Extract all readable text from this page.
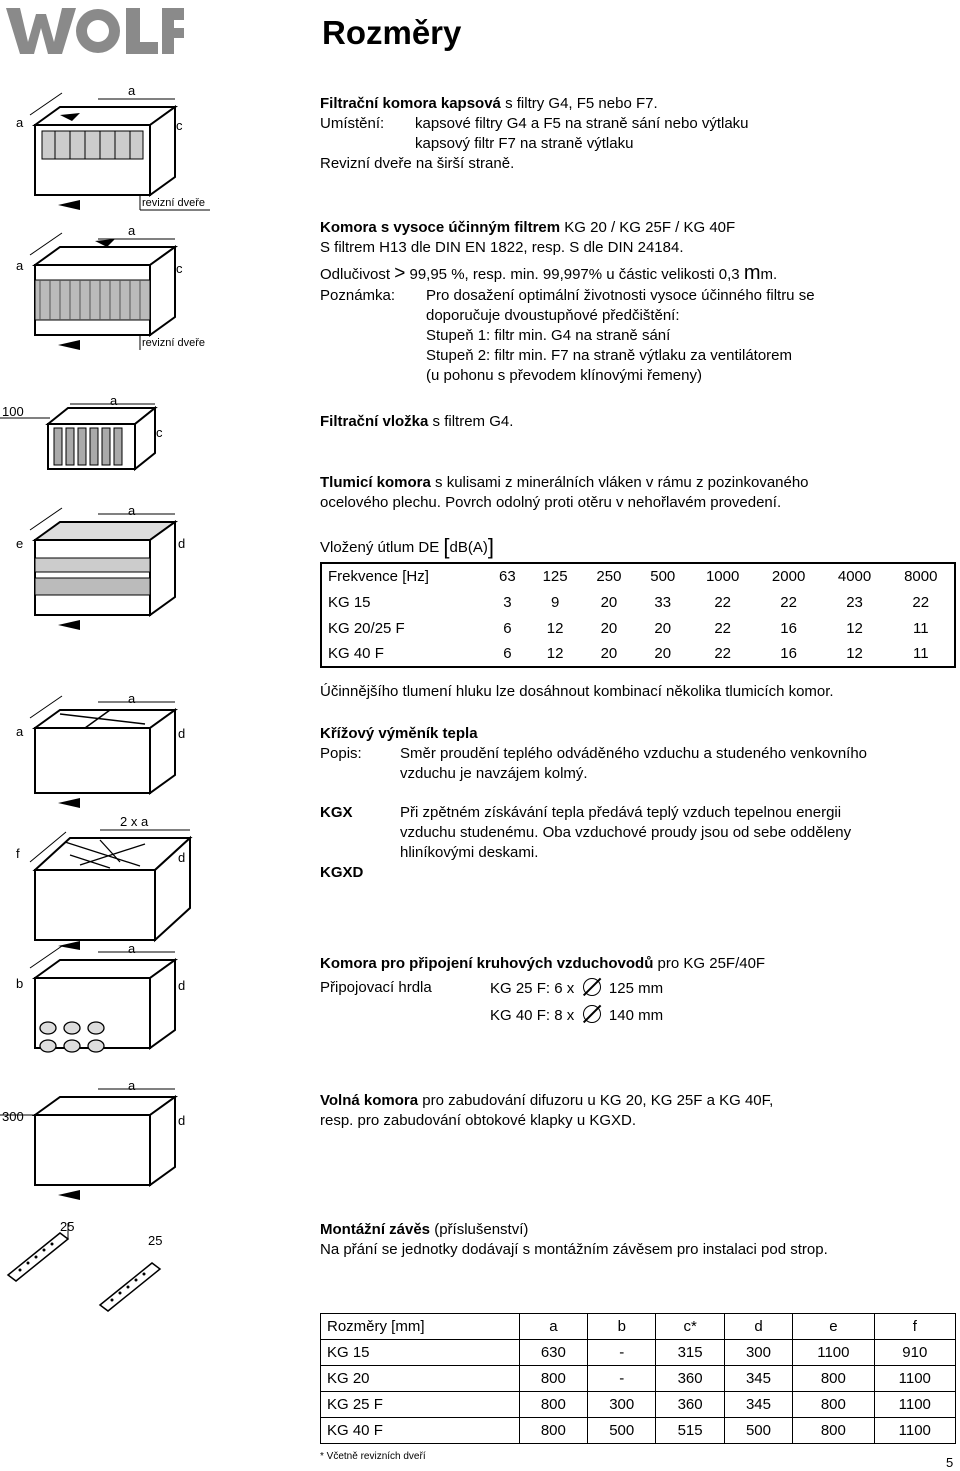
Rozměry
a
a	c
revizní dveře
Filtrační komora kapsová s filtry G4, F5 nebo F7.
Umístění: kapsové filtry G4 a F5 na straně sání nebo výtlaku
kapsový filtr F7 na straně výtlaku
Revizní dveře na širší straně.
a
a	c
revizní dveře
Komora s vysoce účinným filtrem KG 20 / KG 25F / KG 40F
S filtrem H13 dle DIN EN 1822, resp. S dle DIN 24184.
Odlučivost > 99,95 %, resp. min. 99,997% u částic velikosti 0,3 mm.
Poznámka: Pro dosažení optimální životnosti vysoce účinného filtru se
doporučuje dvoustupňové předčištění:
Stupeň 1: filtr min. G4 na straně sání
Stupeň 2: filtr min. F7 na straně výtlaku za ventilátorem
(u pohonu s převodem klínovými řemeny)
100
a
c
Filtrační vložka s filtrem G4.
a
e	d
Tlumicí komora s kulisami z minerálních vláken v rámu z pozinkovaného
ocelového plechu. Povrch odolný proti otěru v nehořlavém provedení.
Vložený útlum DE [dB(A)]
Frekvence [Hz]	63	125	250	500	1000	2000	4000	8000
KG 15	3	9	20	33	22	22	23	22
KG 20/25 F	6	12	20	20	22	16	12	11
KG 40 F	6	12	20	20	22	16	12	11
Účinnějšího tlumení hluku lze dosáhnout kombinací několika tlumicích komor.
a
a	d
2 x a
f	d
Křížový výměník tepla
Popis:	Směr proudění teplého odváděného vzduchu a studeného venkovního
vzduchu je navzájem kolmý.
KGX	Při zpětném získávání tepla předává teplý vzduch tepelnou energii
vzduchu studenému. Oba vzduchové proudy jsou od sebe odděleny
hliníkovými deskami.
KGXD
a
b	d
Komora pro připojení kruhových vzduchovodů pro KG 25F/40F
Připojovací hrdla	KG 25 F: 6 x 125 mm
KG 40 F: 8 x 140 mm
a
300	d
Volná komora pro zabudování difuzoru u KG 20, KG 25F a KG 40F,
resp. pro zabudování obtokové klapky u KGXD.
25
25
Montážní závěs (příslušenství)
Na přání se jednotky dodávají s montážním závěsem pro instalaci pod strop.
Rozměry [mm]	a	b	c*	d	e	f
KG 15	630	-	315	300	1100	910
KG 20	800	-	360	345	800	1100
KG 25 F	800	300	360	345	800	1100
KG 40 F	800	500	515	500	800	1100
* Včetně revizních dveří	5
